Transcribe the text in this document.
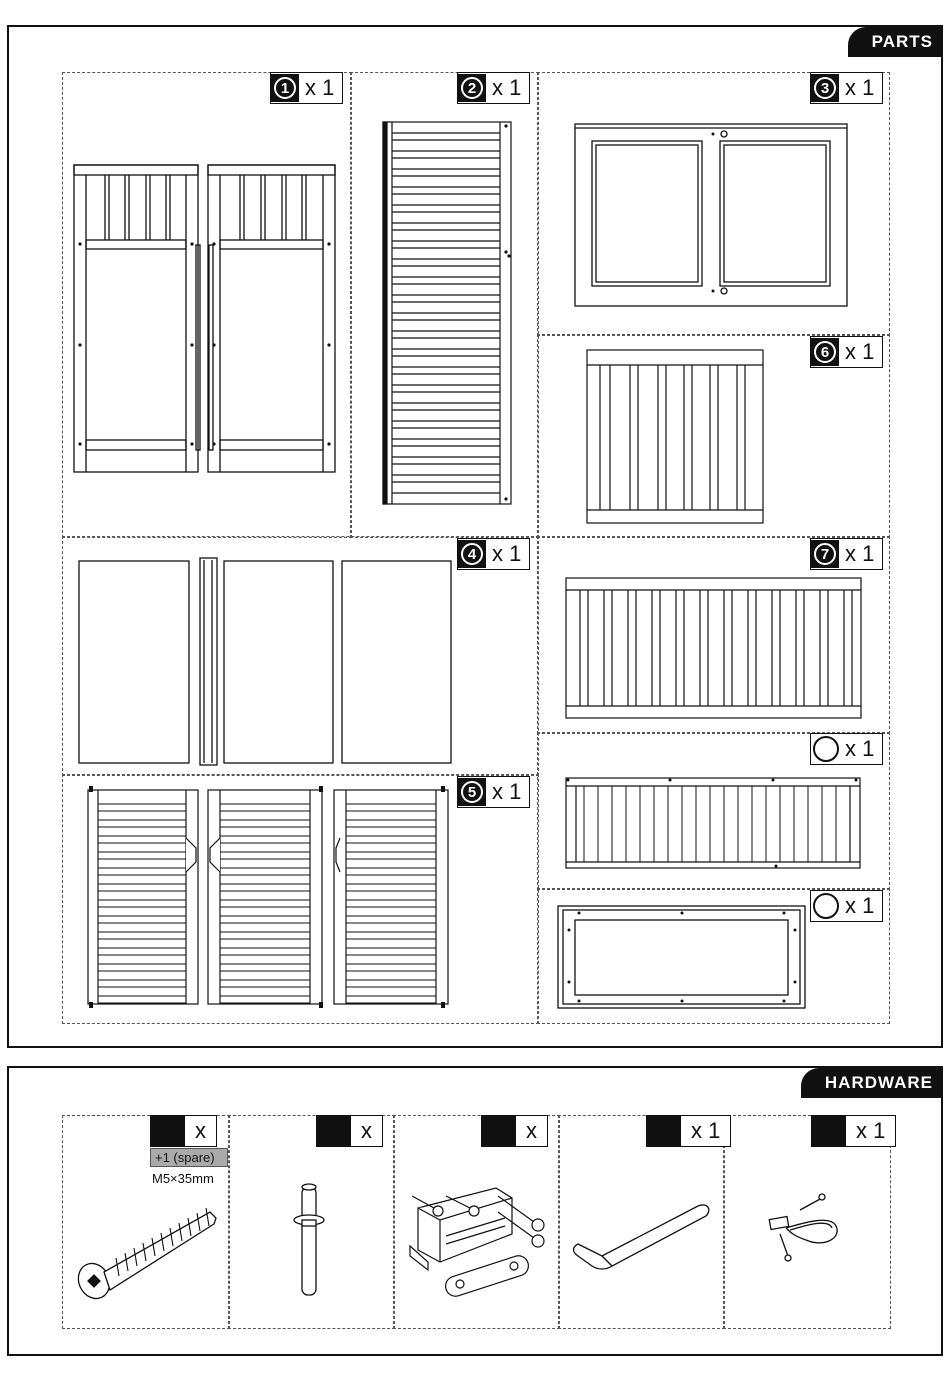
PARTS
1 x 1	2 x 1	3 x 1
6 x 1
4 x 1	7 x 1
5 x 1
x 1
x 1
HARDWARE
x
+1 (spare)
M5×35mm
x	x	x 1	x 1
